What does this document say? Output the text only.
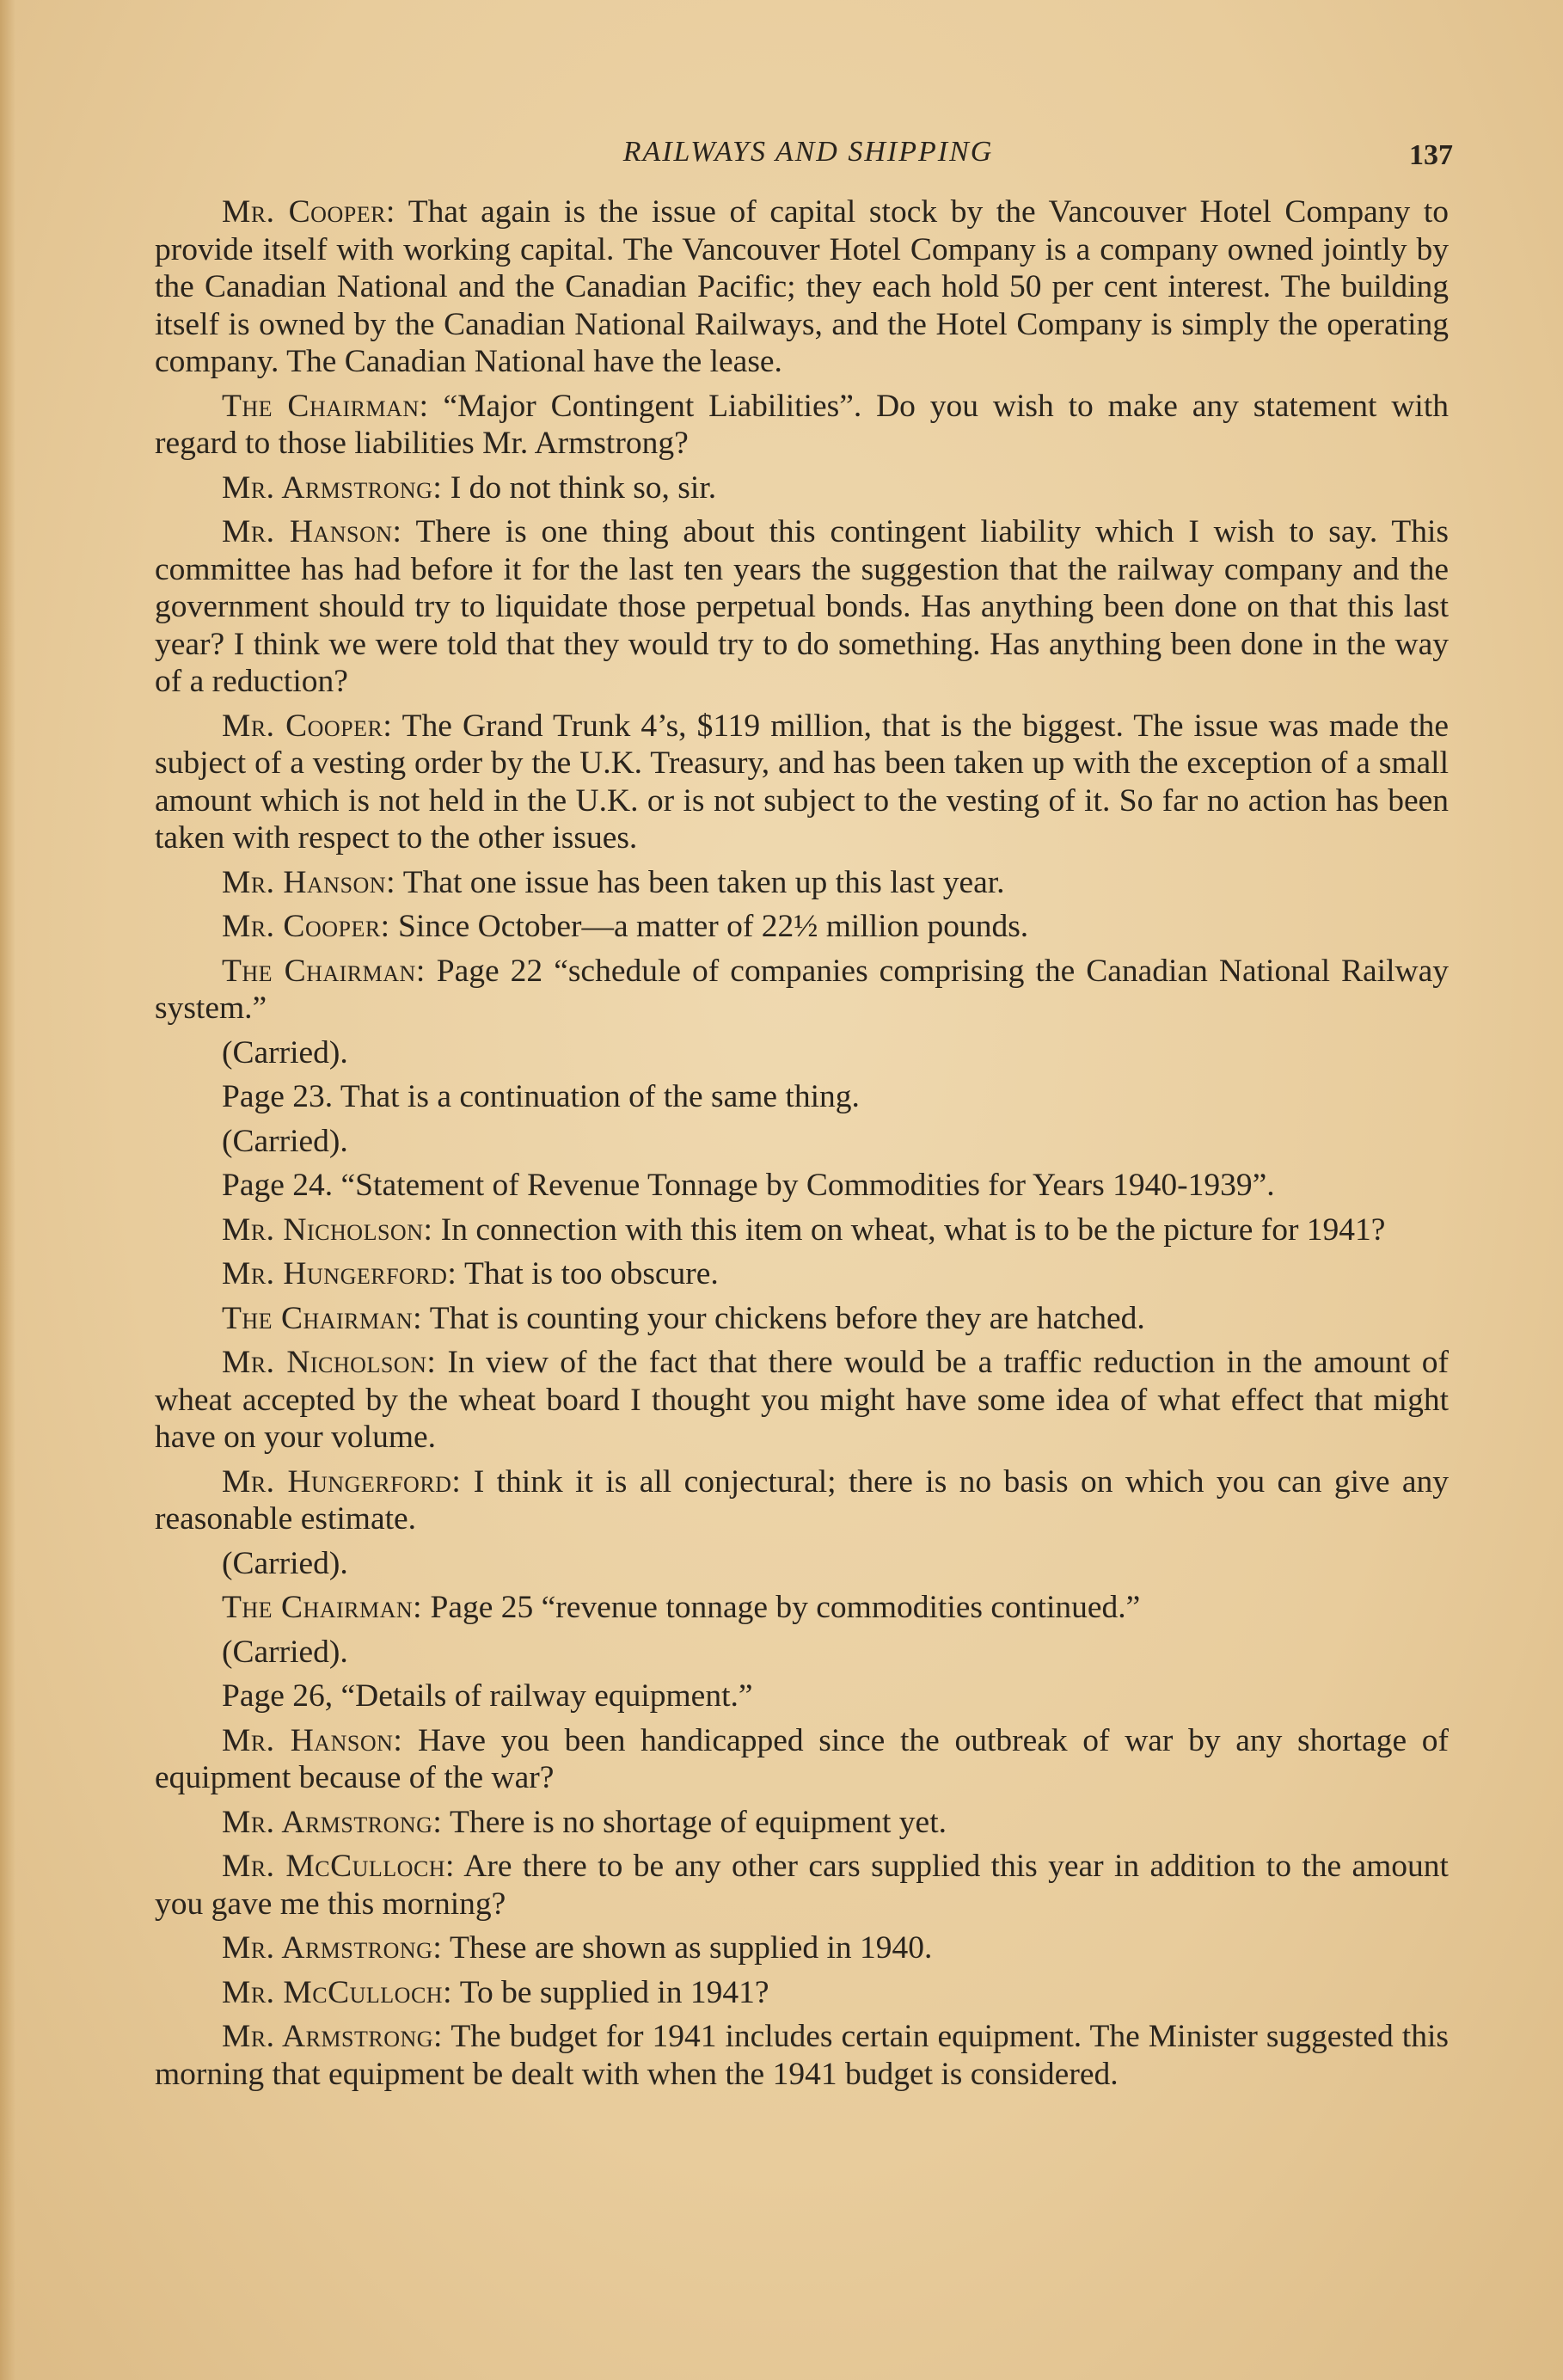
RAILWAYS AND SHIPPING	137

Mr. Cooper: That again is the issue of capital stock by the Vancouver Hotel Company to provide itself with working capital. The Vancouver Hotel Company is a company owned jointly by the Canadian National and the Canadian Pacific; they each hold 50 per cent interest. The building itself is owned by the Canadian National Railways, and the Hotel Company is simply the operating company. The Canadian National have the lease.

The Chairman: “Major Contingent Liabilities”. Do you wish to make any statement with regard to those liabilities Mr. Armstrong?

Mr. Armstrong: I do not think so, sir.

Mr. Hanson: There is one thing about this contingent liability which I wish to say. This committee has had before it for the last ten years the suggestion that the railway company and the government should try to liquidate those perpetual bonds. Has anything been done on that this last year? I think we were told that they would try to do something. Has anything been done in the way of a reduction?

Mr. Cooper: The Grand Trunk 4’s, $119 million, that is the biggest. The issue was made the subject of a vesting order by the U.K. Treasury, and has been taken up with the exception of a small amount which is not held in the U.K. or is not subject to the vesting of it. So far no action has been taken with respect to the other issues.

Mr. Hanson: That one issue has been taken up this last year.

Mr. Cooper: Since October—a matter of 22½ million pounds.

The Chairman: Page 22 “schedule of companies comprising the Canadian National Railway system.”

(Carried).

Page 23. That is a continuation of the same thing.

(Carried).

Page 24. “Statement of Revenue Tonnage by Commodities for Years 1940-1939”.

Mr. Nicholson: In connection with this item on wheat, what is to be the picture for 1941?

Mr. Hungerford: That is too obscure.

The Chairman: That is counting your chickens before they are hatched.

Mr. Nicholson: In view of the fact that there would be a traffic reduction in the amount of wheat accepted by the wheat board I thought you might have some idea of what effect that might have on your volume.

Mr. Hungerford: I think it is all conjectural; there is no basis on which you can give any reasonable estimate.

(Carried).

The Chairman: Page 25 “revenue tonnage by commodities continued.”

(Carried).

Page 26, “Details of railway equipment.”

Mr. Hanson: Have you been handicapped since the outbreak of war by any shortage of equipment because of the war?

Mr. Armstrong: There is no shortage of equipment yet.

Mr. McCulloch: Are there to be any other cars supplied this year in addition to the amount you gave me this morning?

Mr. Armstrong: These are shown as supplied in 1940.

Mr. McCulloch: To be supplied in 1941?

Mr. Armstrong: The budget for 1941 includes certain equipment. The Minister suggested this morning that equipment be dealt with when the 1941 budget is considered.
